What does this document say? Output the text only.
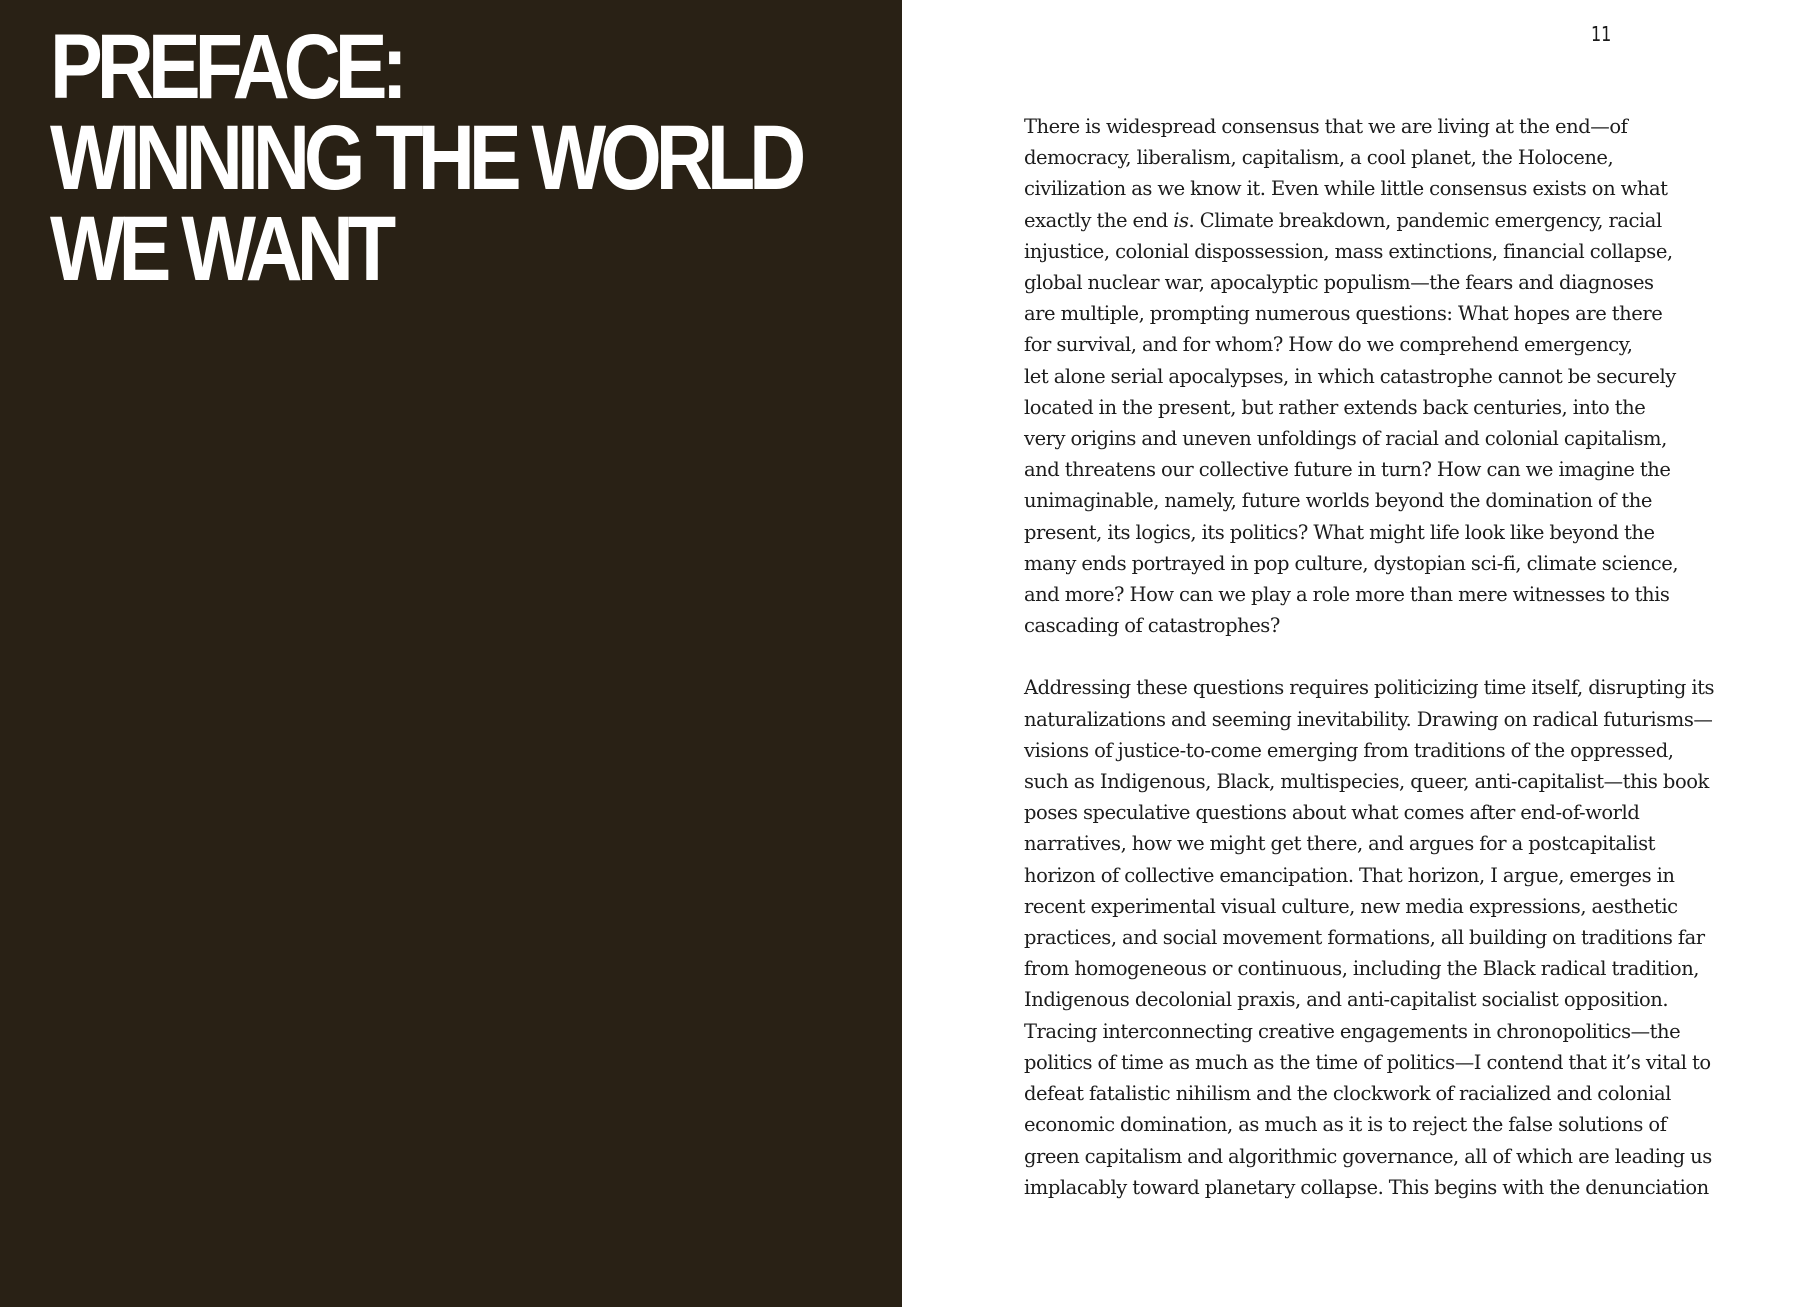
PREFACE:
WINNING THE WORLD
WE WANT
11

There is widespread consensus that we are living at the end—of
democracy, liberalism, capitalism, a cool planet, the Holocene,
civilization as we know it. Even while little consensus exists on what
exactly the end is. Climate breakdown, pandemic emergency, racial
injustice, colonial dispossession, mass extinctions, financial collapse,
global nuclear war, apocalyptic populism—the fears and diagnoses
are multiple, prompting numerous questions: What hopes are there
for survival, and for whom? How do we comprehend emergency,
let alone serial apocalypses, in which catastrophe cannot be securely
located in the present, but rather extends back centuries, into the
very origins and uneven unfoldings of racial and colonial capitalism,
and threatens our collective future in turn? How can we imagine the
unimaginable, namely, future worlds beyond the domination of the
present, its logics, its politics? What might life look like beyond the
many ends portrayed in pop culture, dystopian sci-fi, climate science,
and more? How can we play a role more than mere witnesses to this
cascading of catastrophes?

Addressing these questions requires politicizing time itself, disrupting its
naturalizations and seeming inevitability. Drawing on radical futurisms—
visions of justice-to-come emerging from traditions of the oppressed,
such as Indigenous, Black, multispecies, queer, anti-capitalist—this book
poses speculative questions about what comes after end-of-world
narratives, how we might get there, and argues for a postcapitalist
horizon of collective emancipation. That horizon, I argue, emerges in
recent experimental visual culture, new media expressions, aesthetic
practices, and social movement formations, all building on traditions far
from homogeneous or continuous, including the Black radical tradition,
Indigenous decolonial praxis, and anti-capitalist socialist opposition.
Tracing interconnecting creative engagements in chronopolitics—the
politics of time as much as the time of politics—I contend that it’s vital to
defeat fatalistic nihilism and the clockwork of racialized and colonial
economic domination, as much as it is to reject the false solutions of
green capitalism and algorithmic governance, all of which are leading us
implacably toward planetary collapse. This begins with the denunciation
